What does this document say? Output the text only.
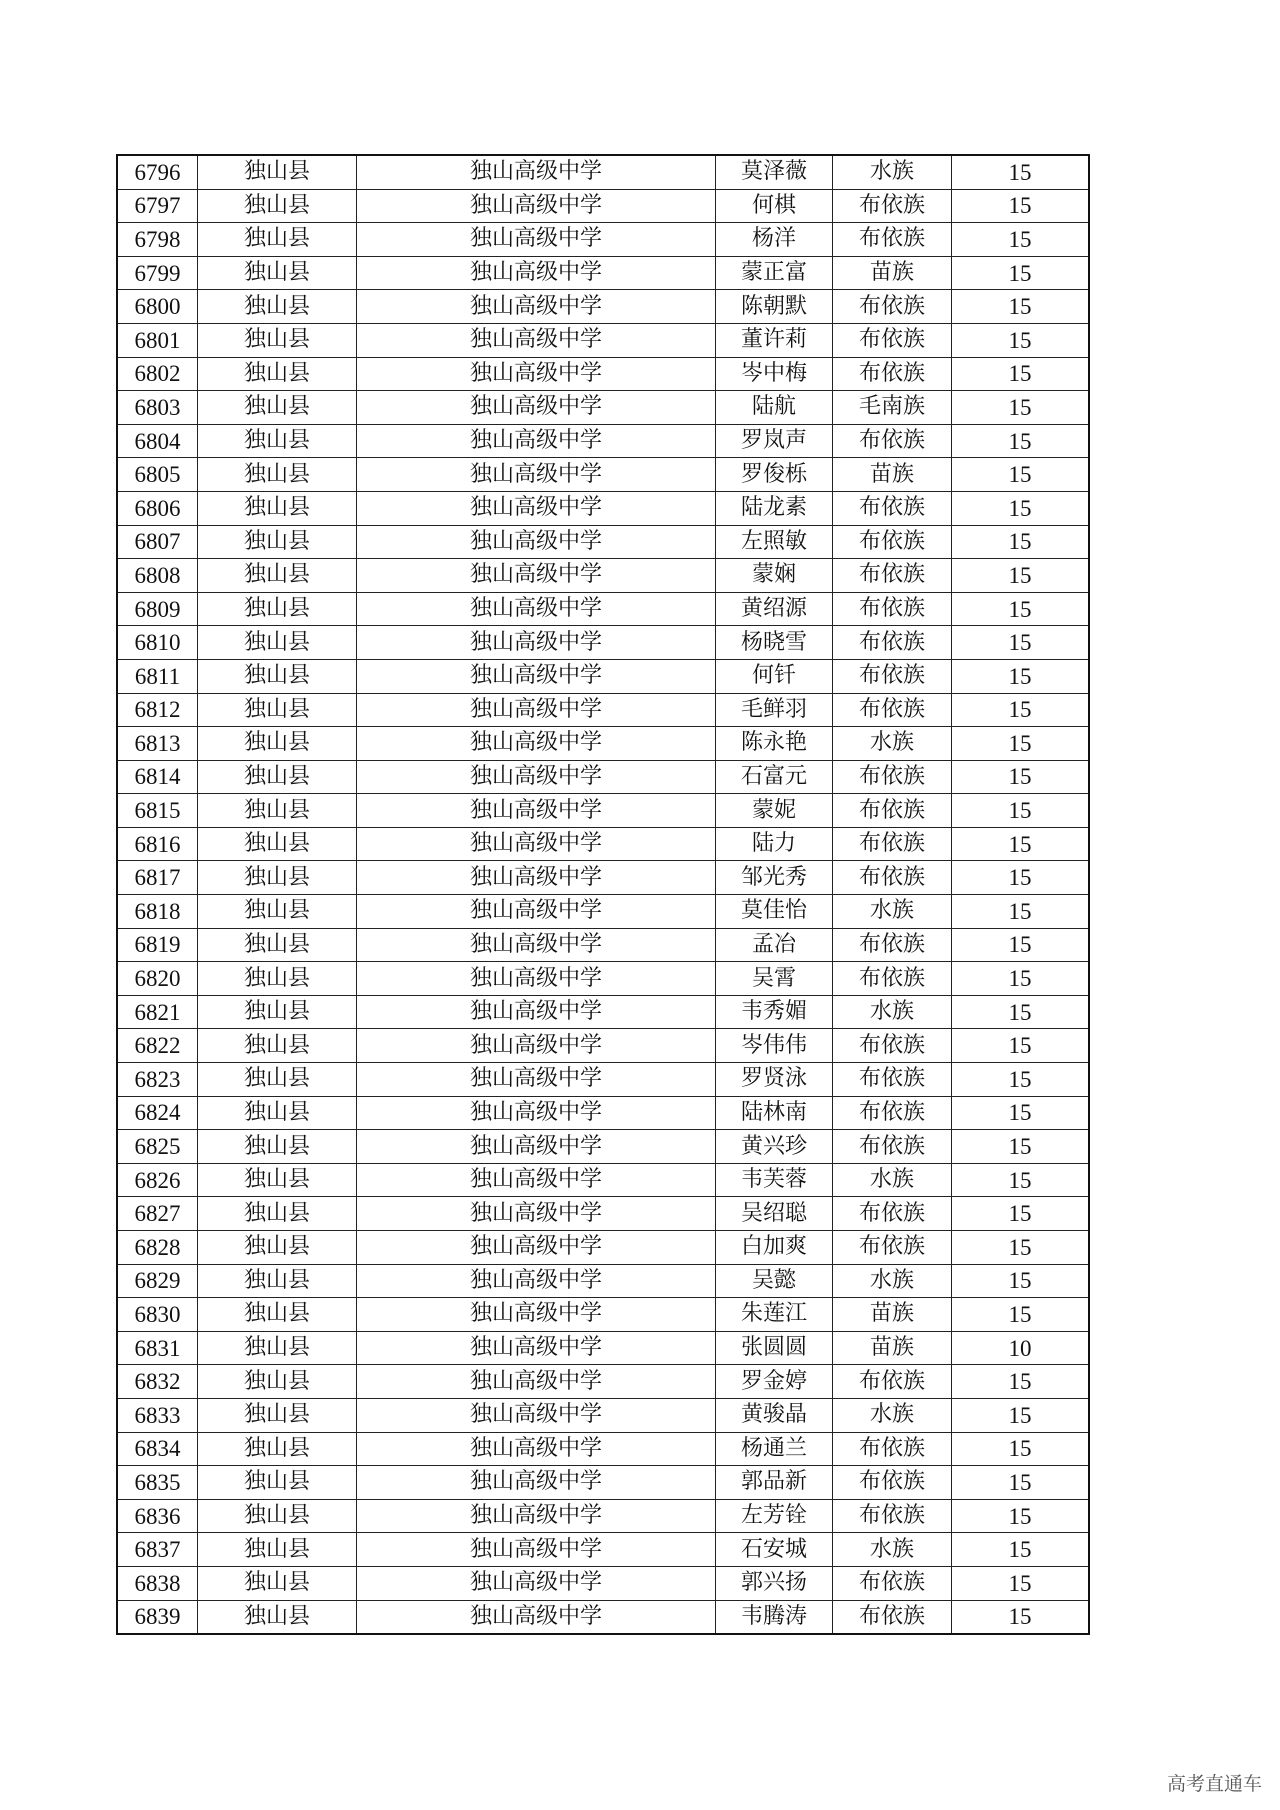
6796	独山县	独山高级中学	莫泽薇	水族	15
6797	独山县	独山高级中学	何棋	布依族	15
6798	独山县	独山高级中学	杨洋	布依族	15
6799	独山县	独山高级中学	蒙正富	苗族	15
6800	独山县	独山高级中学	陈朝默	布依族	15
6801	独山县	独山高级中学	董许莉	布依族	15
6802	独山县	独山高级中学	岑中梅	布依族	15
6803	独山县	独山高级中学	陆航	毛南族	15
6804	独山县	独山高级中学	罗岚声	布依族	15
6805	独山县	独山高级中学	罗俊栎	苗族	15
6806	独山县	独山高级中学	陆龙素	布依族	15
6807	独山县	独山高级中学	左照敏	布依族	15
6808	独山县	独山高级中学	蒙娴	布依族	15
6809	独山县	独山高级中学	黄绍源	布依族	15
6810	独山县	独山高级中学	杨晓雪	布依族	15
6811	独山县	独山高级中学	何钎	布依族	15
6812	独山县	独山高级中学	毛鲜羽	布依族	15
6813	独山县	独山高级中学	陈永艳	水族	15
6814	独山县	独山高级中学	石富元	布依族	15
6815	独山县	独山高级中学	蒙妮	布依族	15
6816	独山县	独山高级中学	陆力	布依族	15
6817	独山县	独山高级中学	邹光秀	布依族	15
6818	独山县	独山高级中学	莫佳怡	水族	15
6819	独山县	独山高级中学	孟冶	布依族	15
6820	独山县	独山高级中学	吴霄	布依族	15
6821	独山县	独山高级中学	韦秀媚	水族	15
6822	独山县	独山高级中学	岑伟伟	布依族	15
6823	独山县	独山高级中学	罗贤泳	布依族	15
6824	独山县	独山高级中学	陆林南	布依族	15
6825	独山县	独山高级中学	黄兴珍	布依族	15
6826	独山县	独山高级中学	韦芙蓉	水族	15
6827	独山县	独山高级中学	吴绍聪	布依族	15
6828	独山县	独山高级中学	白加爽	布依族	15
6829	独山县	独山高级中学	吴懿	水族	15
6830	独山县	独山高级中学	朱莲江	苗族	15
6831	独山县	独山高级中学	张圆圆	苗族	10
6832	独山县	独山高级中学	罗金婷	布依族	15
6833	独山县	独山高级中学	黄骏晶	水族	15
6834	独山县	独山高级中学	杨通兰	布依族	15
6835	独山县	独山高级中学	郭品新	布依族	15
6836	独山县	独山高级中学	左芳铨	布依族	15
6837	独山县	独山高级中学	石安城	水族	15
6838	独山县	独山高级中学	郭兴扬	布依族	15
6839	独山县	独山高级中学	韦腾涛	布依族	15
高考直通车
